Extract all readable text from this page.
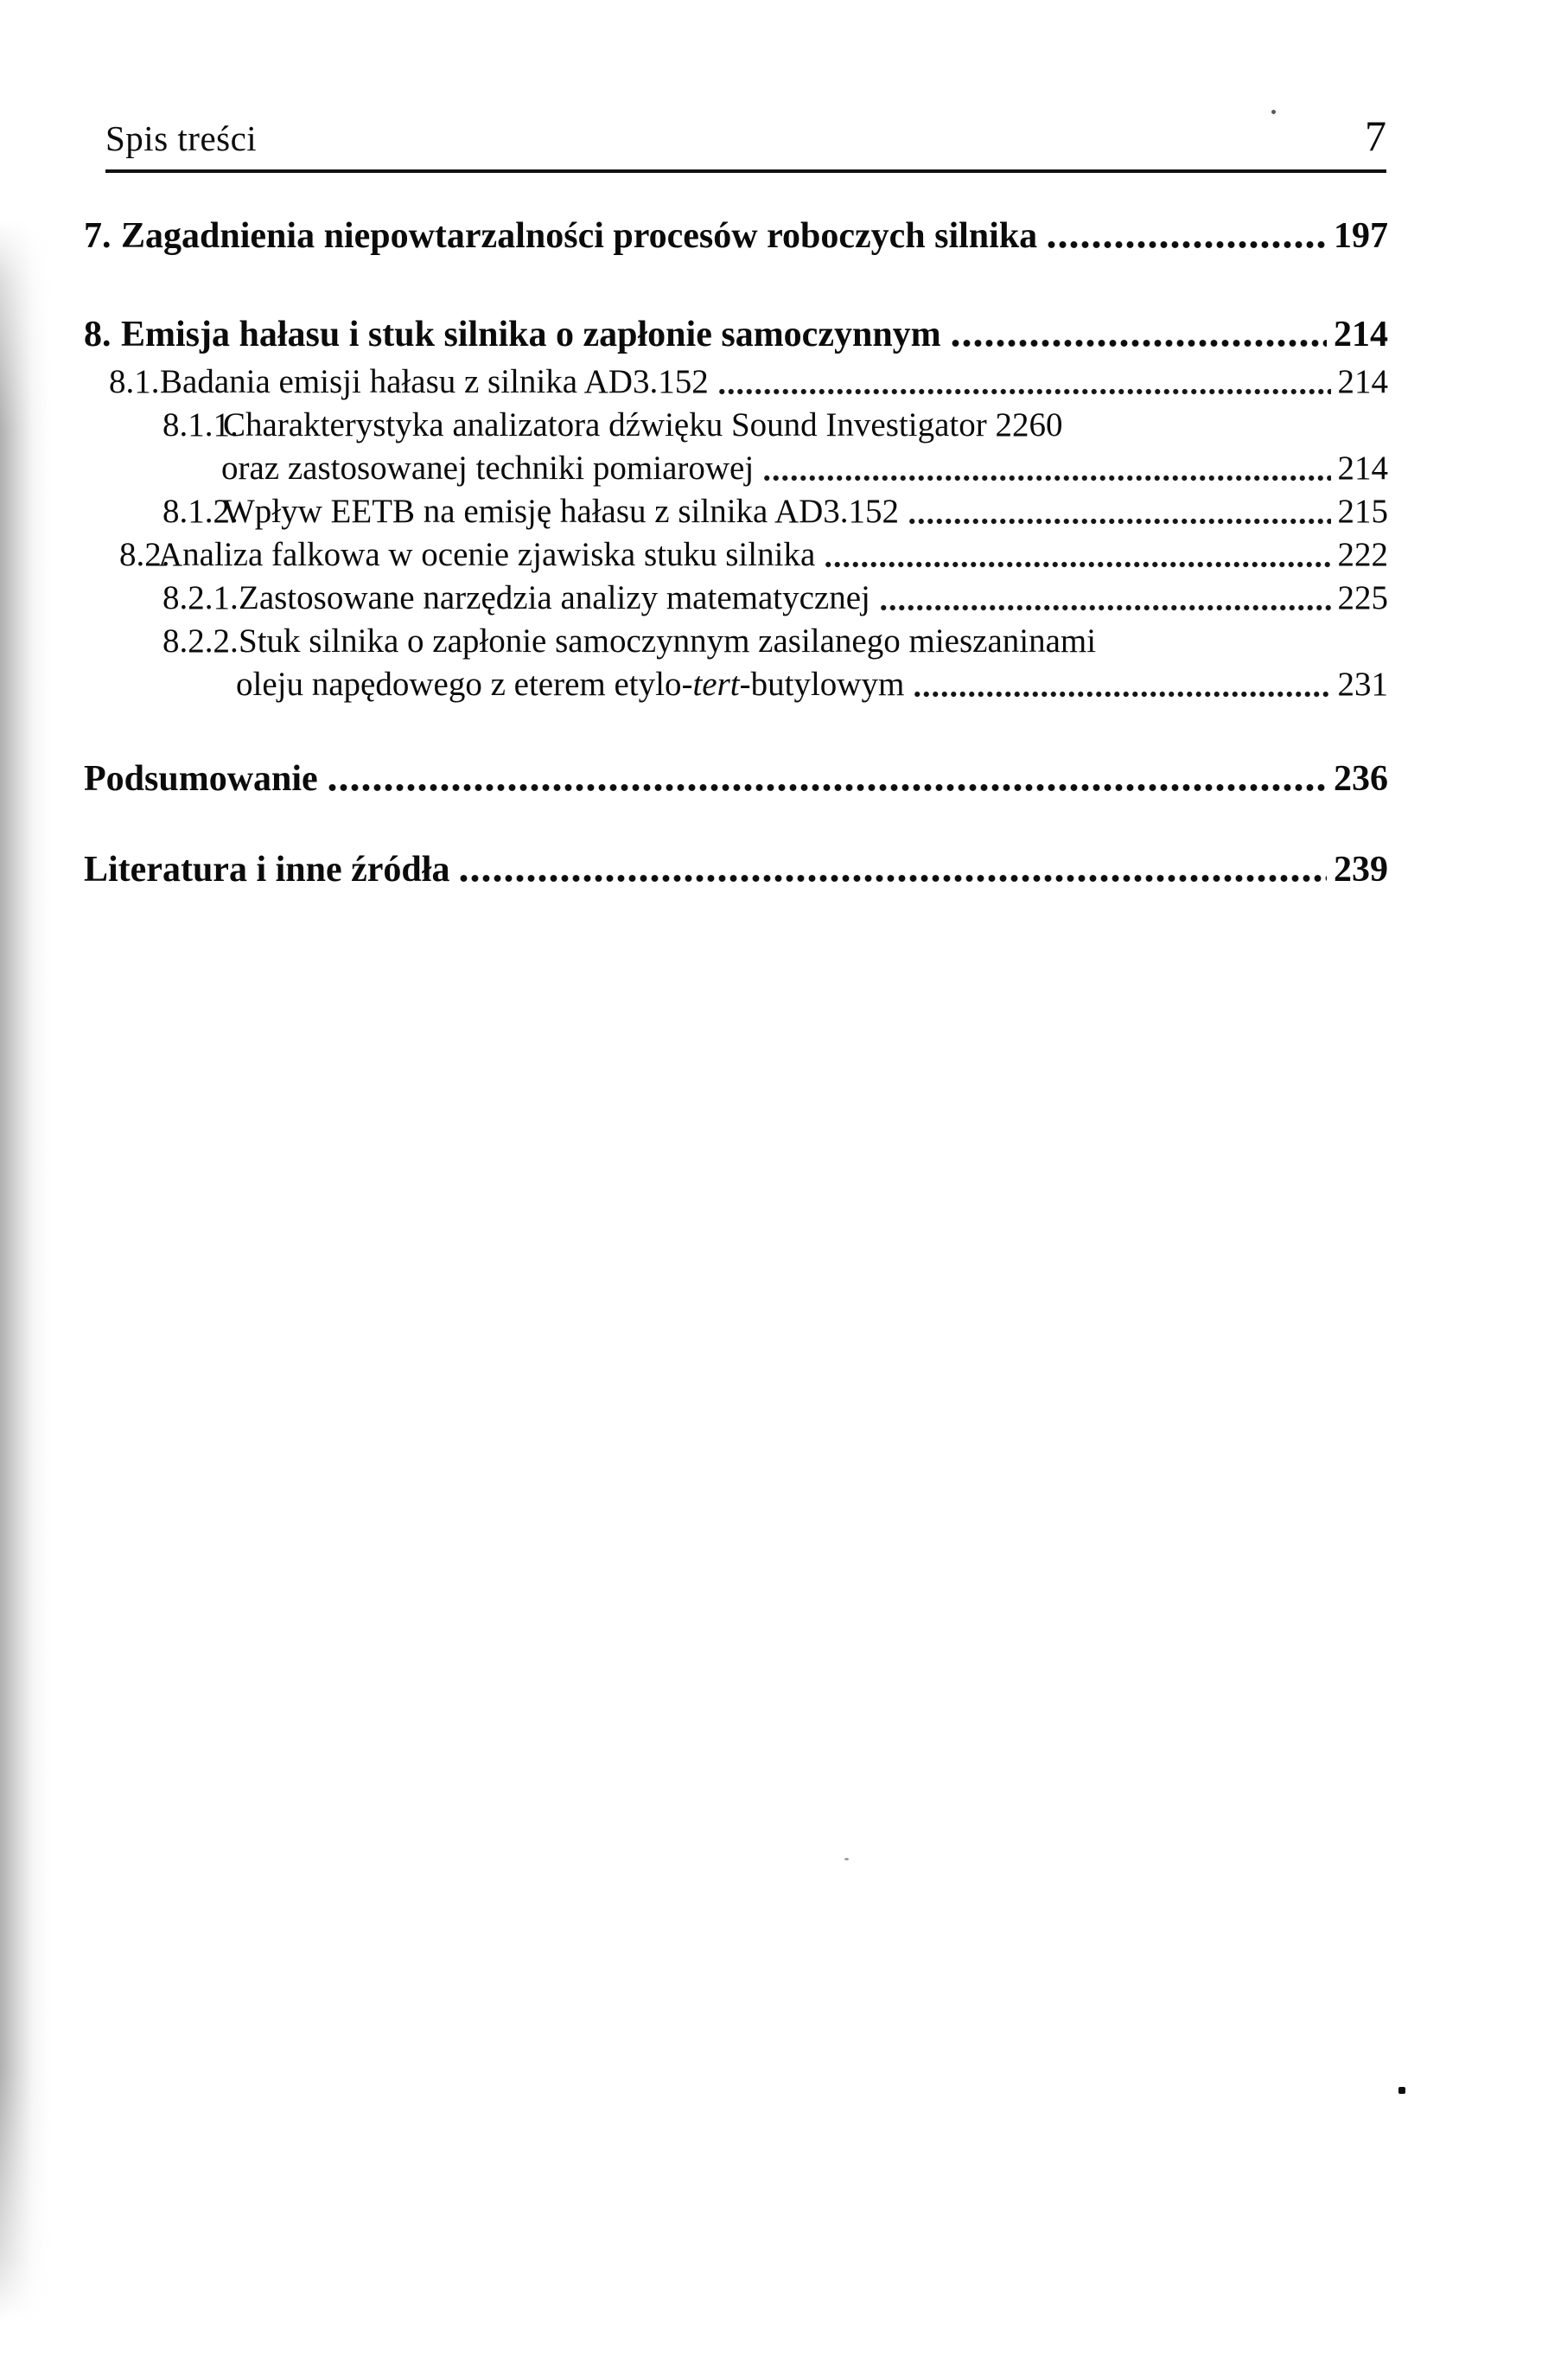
Spis treści	7
7. Zagadnienia niepowtarzalności procesów roboczych silnika	197
8. Emisja hałasu i stuk silnika o zapłonie samoczynnym	214
8.1. Badania emisji hałasu z silnika AD3.152	214
8.1.1.
Charakterystyka analizatora dźwięku Sound Investigator 2260
oraz zastosowanej techniki pomiarowej	214
8.1.2.
Wpływ EETB na emisję hałasu z silnika AD3.152	215
8.2.
Analiza falkowa w ocenie zjawiska stuku silnika	222
8.2.1. Zastosowane narzędzia analizy matematycznej	225
8.2.2. Stuk silnika o zapłonie samoczynnym zasilanego mieszaninami
oleju napędowego z eterem etylo-tert-butylowym	231
Podsumowanie	236
Literatura i inne źródła	239
